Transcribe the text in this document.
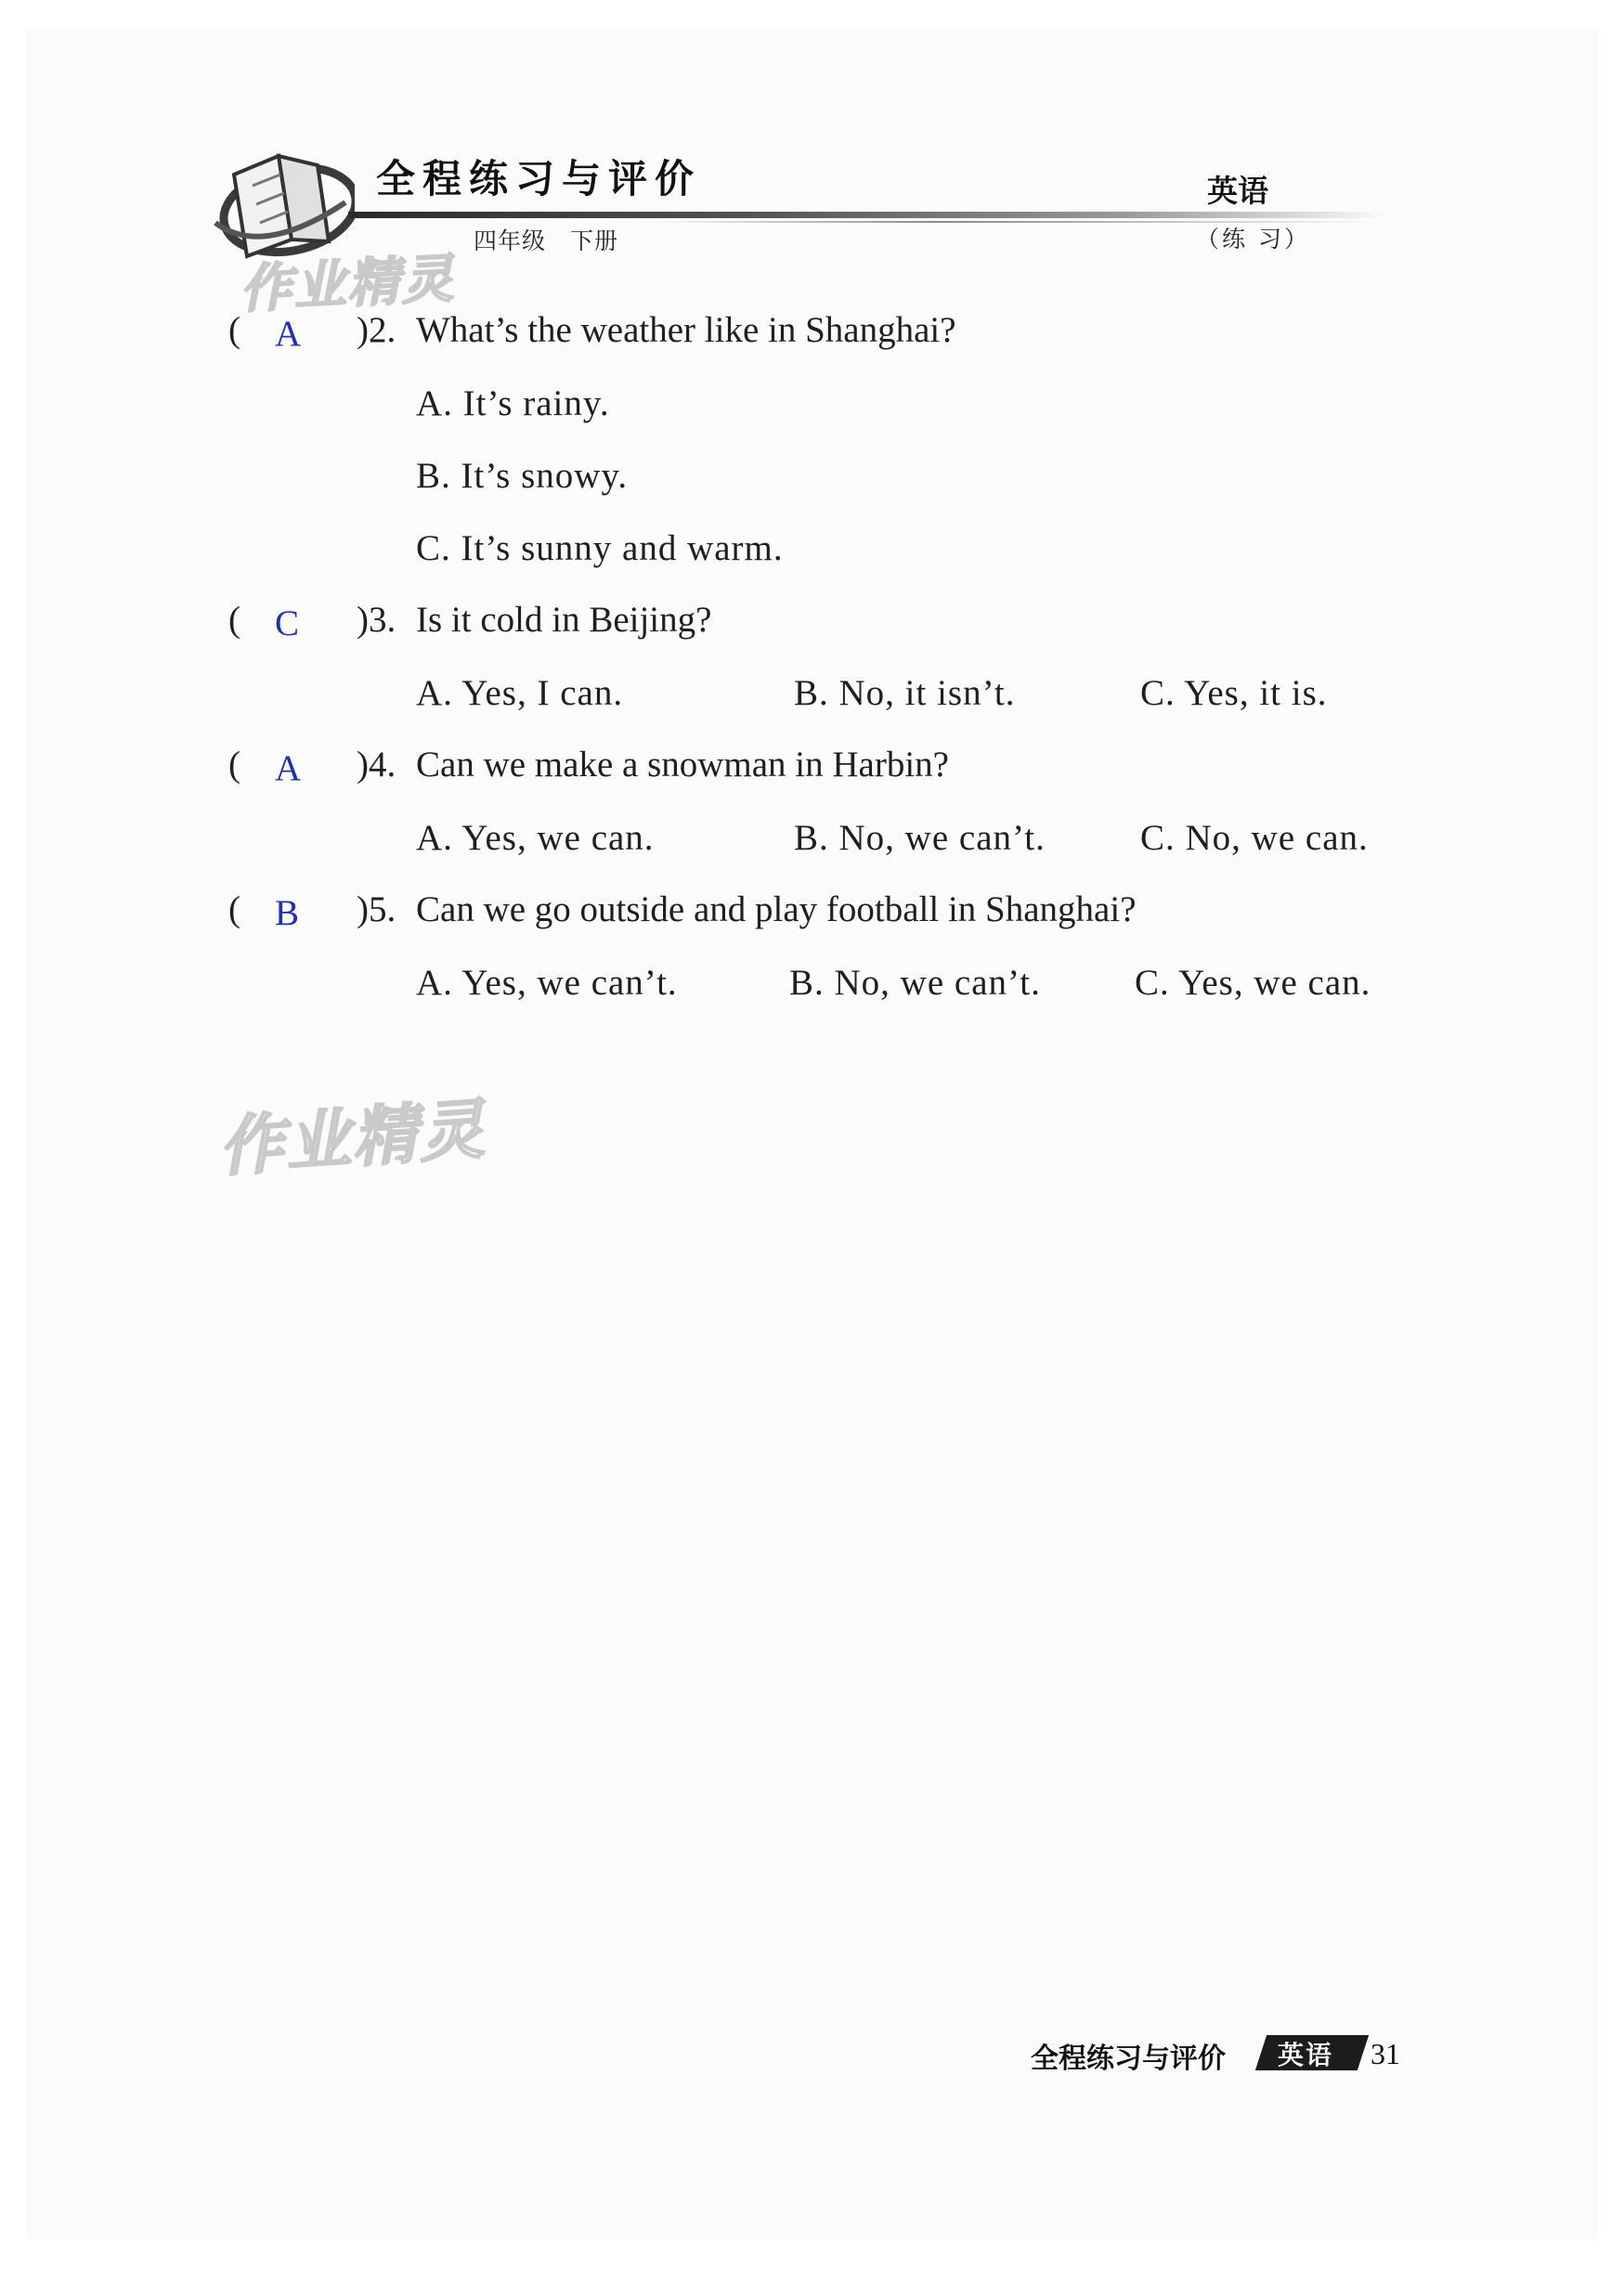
全程练习与评价
四年级　下册
英语
（练 习）
作业精灵
作业精灵
( A )2. What’s the weather like in Shanghai?
A. It’s rainy.
B. It’s snowy.
C. It’s sunny and warm.
( C )3. Is it cold in Beijing?
A. Yes, I can.	B. No, it isn’t.	C. Yes, it is.
( A )4. Can we make a snowman in Harbin?
A. Yes, we can.	B. No, we can’t.	C. No, we can.
( B )5. Can we go outside and play football in Shanghai?
A. Yes, we can’t.	B. No, we can’t.	C. Yes, we can.
全程练习与评价 英语 31
